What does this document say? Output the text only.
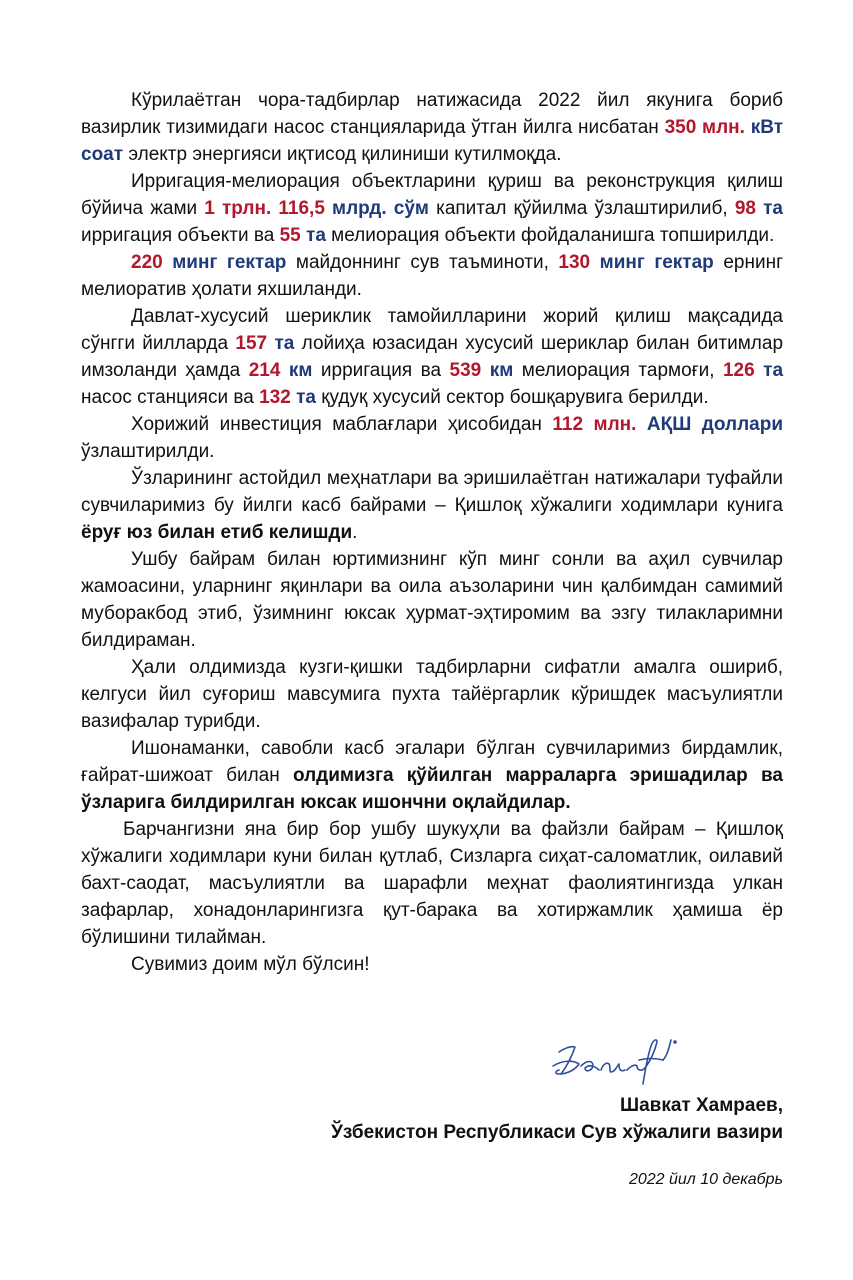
Кўрилаётган чора-тадбирлар натижасида 2022 йил якунига бориб вазирлик тизимидаги насос станцияларида ўтган йилга нисбатан 350 млн. кВт соат электр энергияси иқтисод қилиниши кутилмоқда.

Ирригация-мелиорация объектларини қуриш ва реконструкция қилиш бўйича жами 1 трлн. 116,5 млрд. сўм капитал қўйилма ўзлаштирилиб, 98 та ирригация объекти ва 55 та мелиорация объекти фойдаланишга топширилди.

220 минг гектар майдоннинг сув таъминоти, 130 минг гектар ернинг мелиоратив ҳолати яхшиланди.

Давлат-хусусий шериклик тамойилларини жорий қилиш мақсадида сўнгги йилларда 157 та лойиҳа юзасидан хусусий шериклар билан битимлар имзоланди ҳамда 214 км ирригация ва 539 км мелиорация тармоғи, 126 та насос станцияси ва 132 та қудуқ хусусий сектор бошқарувига берилди.

Хорижий инвестиция маблағлари ҳисобидан 112 млн. АҚШ доллари ўзлаштирилди.

Ўзларининг астойдил меҳнатлари ва эришилаётган натижалари туфайли сувчиларимиз бу йилги касб байрами – Қишлоқ хўжалиги ходимлари кунига ёруғ юз билан етиб келишди.

Ушбу байрам билан юртимизнинг кўп минг сонли ва аҳил сувчилар жамоасини, уларнинг яқинлари ва оила аъзоларини чин қалбимдан самимий муборакбод этиб, ўзимнинг юксак ҳурмат-эҳтиромим ва эзгу тилакларимни билдираман.

Ҳали олдимизда кузги-қишки тадбирларни сифатли амалга ошириб, келгуси йил суғориш мавсумига пухта тайёргарлик кўришдек масъулиятли вазифалар турибди.

Ишонаманки, савобли касб эгалари бўлган сувчиларимиз бирдамлик, ғайрат-шижоат билан олдимизга қўйилган марраларга эришадилар ва ўзларига билдирилган юксак ишончни оқлайдилар.

Барчангизни яна бир бор ушбу шукуҳли ва файзли байрам – Қишлоқ хўжалиги ходимлари куни билан қутлаб, Сизларга сиҳат-саломатлик, оилавий бахт-саодат, масъулиятли ва шарафли меҳнат фаолиятингизда улкан зафарлар, хонадонларингизга қут-барака ва хотиржамлик ҳамиша ёр бўлишини тилайман.

Сувимиз доим мўл бўлсин!

Шавкат Хамраев,
Ўзбекистон Республикаси Сув хўжалиги вазири
2022 йил 10 декабрь
